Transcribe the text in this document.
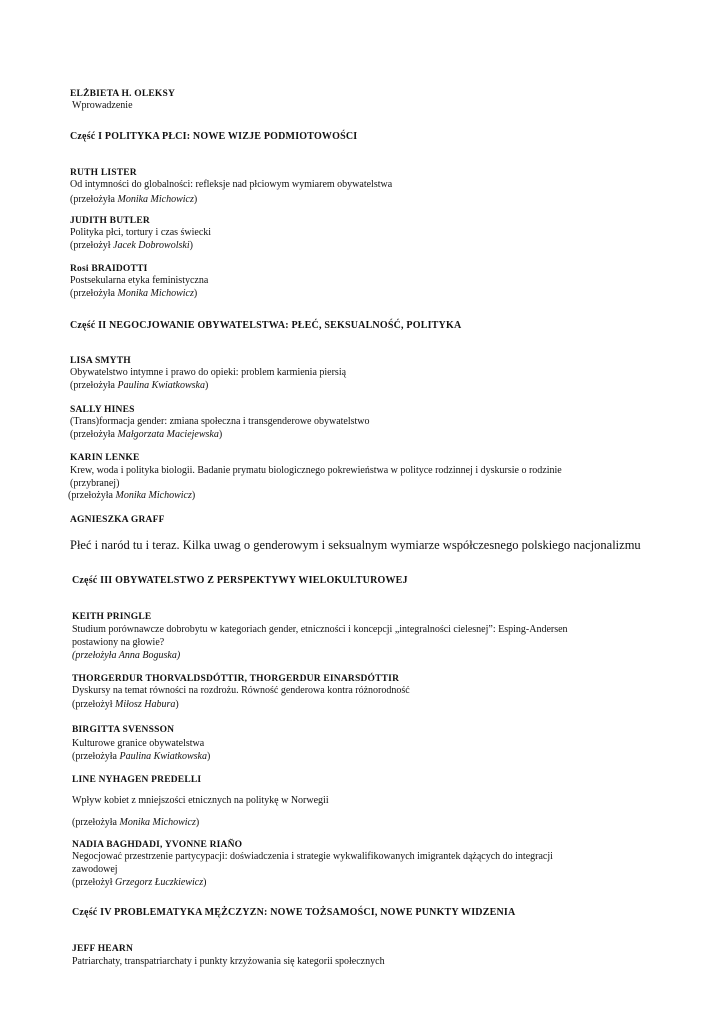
ELŻBIETA H. OLEKSY
Wprowadzenie
Część I POLITYKA PŁCI: NOWE WIZJE PODMIOTOWOŚCI
RUTH LISTER
Od intymności do globalności: refleksje nad płciowym wymiarem obywatelstwa
(przełożyła Monika Michowicz)
JUDITH BUTLER
Polityka płci, tortury i czas świecki
(przełożył Jacek Dobrowolski)
Rosi BRAIDOTTI
Postsekularna etyka feministyczna
(przełożyła Monika Michowicz)
Część II NEGOCJOWANIE OBYWATELSTWA: PŁEĆ, SEKSUALNOŚĆ, POLITYKA
LISA SMYTH
Obywatelstwo intymne i prawo do opieki: problem karmienia piersią
(przełożyła Paulina Kwiatkowska)
SALLY HINES
(Trans)formacja gender: zmiana społeczna i transgenderowe obywatelstwo
(przełożyła Małgorzata Maciejewska)
KARIN LENKE
Krew, woda i polityka biologii. Badanie prymatu biologicznego pokrewieństwa w polityce rodzinnej i dyskursie o rodzinie
(przybranej)
(przełożyła Monika Michowicz)
AGNIESZKA GRAFF
Płeć i naród tu i teraz. Kilka uwag o genderowym i seksualnym wymiarze współczesnego polskiego nacjonalizmu
Część III OBYWATELSTWO Z PERSPEKTYWY WIELOKULTUROWEJ
KEITH PRINGLE
Studium porównawcze dobrobytu w kategoriach gender, etniczności i koncepcji „integralności cielesnej”: Esping-Andersen
postawiony na głowie?
(przełożyła Anna Boguska)
THORGERDUR THORVALDSDÓTTIR, THORGERDUR EINARSDÓTTIR
Dyskursy na temat równości na rozdrożu. Równość genderowa kontra różnorodność
(przełożył Miłosz Habura)
BIRGITTA SVENSSON
Kulturowe granice obywatelstwa
(przełożyła Paulina Kwiatkowska)
LINE NYHAGEN PREDELLI
Wpływ kobiet z mniejszości etnicznych na politykę w Norwegii
(przełożyła Monika Michowicz)
NADIA BAGHDADI, YVONNE RIAÑO
Negocjować przestrzenie partycypacji: doświadczenia i strategie wykwalifikowanych imigrantek dążących do integracji
zawodowej
(przełożył Grzegorz Łuczkiewicz)
Część IV PROBLEMATYKA MĘŻCZYZN: NOWE TOŻSAMOŚCI, NOWE PUNKTY WIDZENIA
JEFF HEARN
Patriarchaty, transpatriarchaty i punkty krzyżowania się kategorii społecznych
